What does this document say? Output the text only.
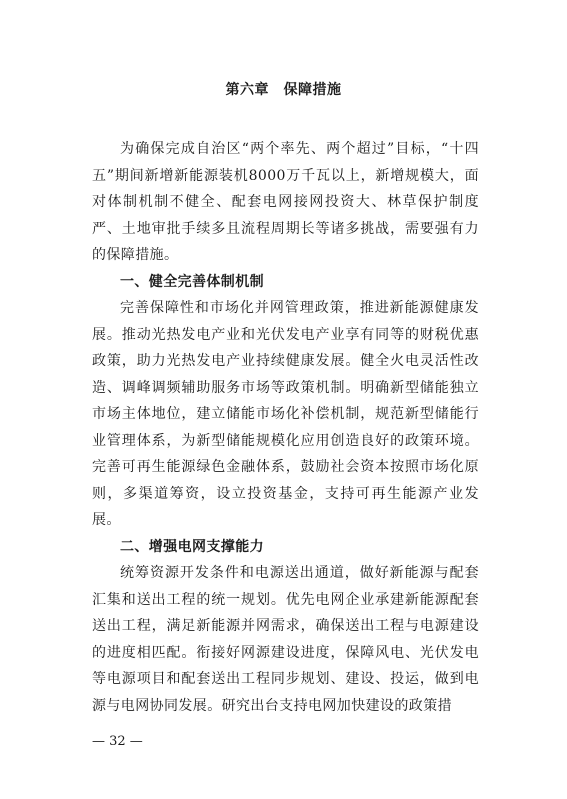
第六章　保障措施

为确保完成自治区“两个率先、两个超过”目标，“十四五”期间新增新能源装机8000万千瓦以上，新增规模大，面对体制机制不健全、配套电网接网投资大、林草保护制度严、土地审批手续多且流程周期长等诸多挑战，需要强有力的保障措施。

一、健全完善体制机制

完善保障性和市场化并网管理政策，推进新能源健康发展。推动光热发电产业和光伏发电产业享有同等的财税优惠政策，助力光热发电产业持续健康发展。健全火电灵活性改造、调峰调频辅助服务市场等政策机制。明确新型储能独立市场主体地位，建立储能市场化补偿机制，规范新型储能行业管理体系，为新型储能规模化应用创造良好的政策环境。完善可再生能源绿色金融体系，鼓励社会资本按照市场化原则，多渠道筹资，设立投资基金，支持可再生能源产业发展。

二、增强电网支撑能力

统筹资源开发条件和电源送出通道，做好新能源与配套汇集和送出工程的统一规划。优先电网企业承建新能源配套送出工程，满足新能源并网需求，确保送出工程与电源建设的进度相匹配。衔接好网源建设进度，保障风电、光伏发电等电源项目和配套送出工程同步规划、建设、投运，做到电源与电网协同发展。研究出台支持电网加快建设的政策措

— 32 —
